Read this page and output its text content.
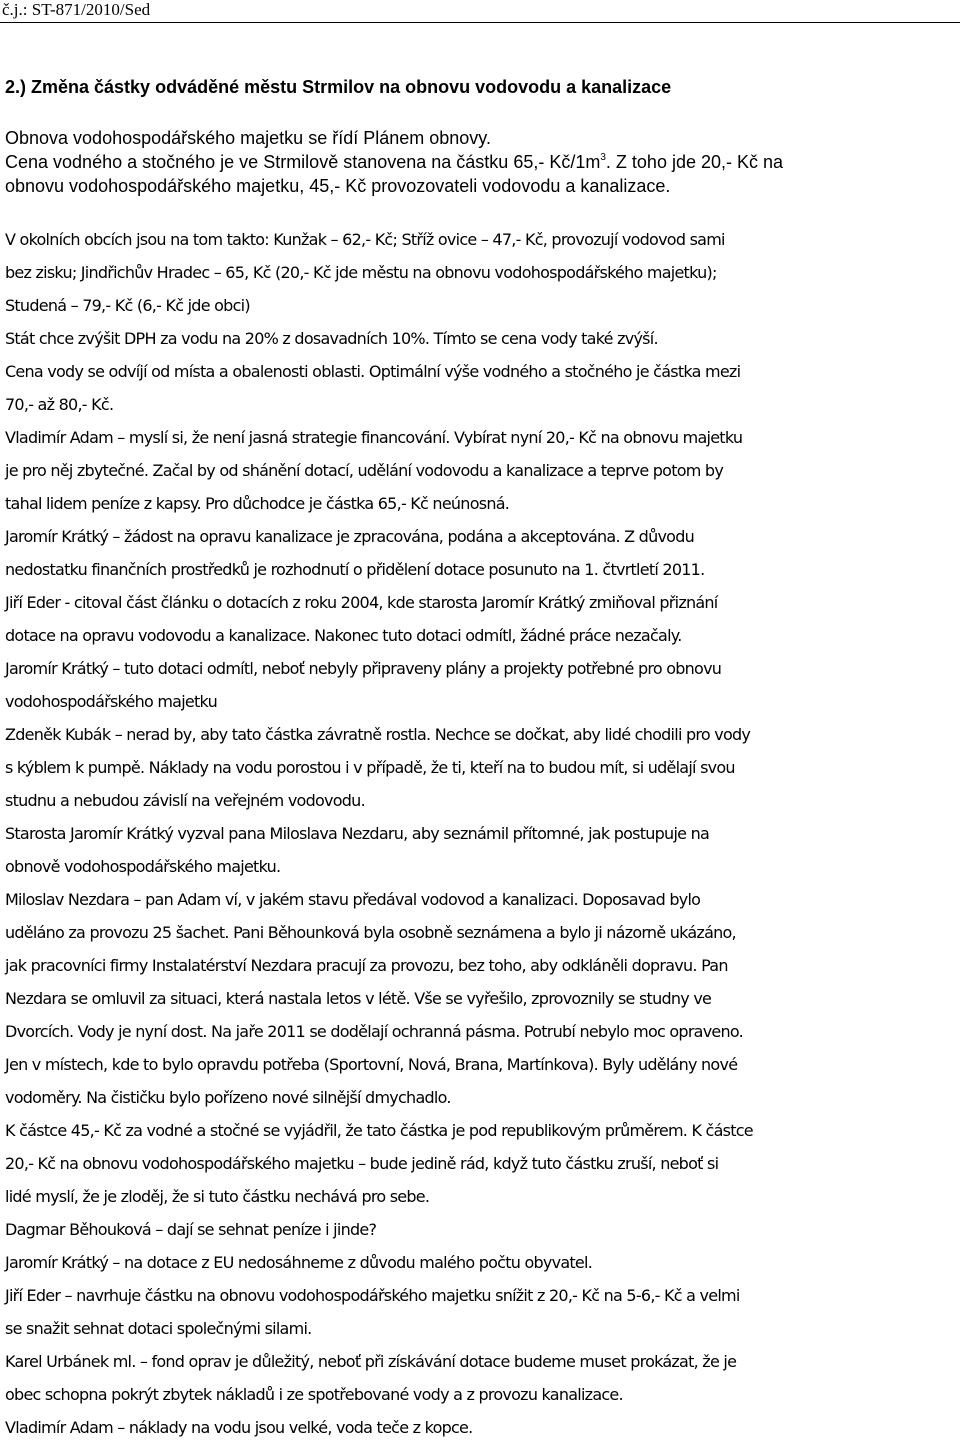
č.j.: ST-871/2010/Sed
2.) Změna částky odváděné městu Strmilov na obnovu vodovodu a kanalizace
Obnova vodohospodářského majetku se řídí Plánem obnovy.
Cena vodného a stočného je ve Strmilově stanovena na částku 65,- $Kč/1m^3$. Z toho jde 20,- Kč na
obnovu vodohospodářského majetku, 45,- Kč provozovateli vodovodu a kanalizace.
V okolních obcích jsou na tom takto: Kunžak – 62,- Kč; Stříž ovice – 47,- Kč, provozují vodovod sami
bez zisku; Jindřichův Hradec – 65, Kč (20,- Kč jde městu na obnovu vodohospodářského majetku);
Studená – 79,- Kč (6,- Kč jde obci)
Stát chce zvýšit DPH za vodu na 20% z dosavadních 10%. Tímto se cena vody také zvýší.
Cena vody se odvíjí od místa a obalenosti oblasti. Optimální výše vodného a stočného je částka mezi
70,- až 80,- Kč.
Vladimír Adam – myslí si, že není jasná strategie financování. Vybírat nyní 20,- Kč na obnovu majetku
je pro něj zbytečné. Začal by od shánění dotací, udělání vodovodu a kanalizace a teprve potom by
tahal lidem peníze z kapsy. Pro důchodce je částka 65,- Kč neúnosná.
Jaromír Krátký – žádost na opravu kanalizace je zpracována, podána a akceptována. Z důvodu
nedostatku finančních prostředků je rozhodnutí o přidělení dotace posunuto na 1. čtvrtletí 2011.
Jiří Eder - citoval část článku o dotacích z roku 2004, kde starosta Jaromír Krátký zmiňoval přiznání
dotace na opravu vodovodu a kanalizace. Nakonec tuto dotaci odmítl, žádné práce nezačaly.
Jaromír Krátký – tuto dotaci odmítl, neboť nebyly připraveny plány a projekty potřebné pro obnovu
vodohospodářského majetku
Zdeněk Kubák – nerad by, aby tato částka závratně rostla. Nechce se dočkat, aby lidé chodili pro vody
s kýblem k pumpě. Náklady na vodu porostou i v případě, že ti, kteří na to budou mít, si udělají svou
studnu a nebudou závislí na veřejném vodovodu.
Starosta Jaromír Krátký vyzval pana Miloslava Nezdaru, aby seznámil přítomné, jak postupuje na
obnově vodohospodářského majetku.
Miloslav Nezdara – pan Adam ví, v jakém stavu předával vodovod a kanalizaci. Doposavad bylo
uděláno za provozu 25 šachet. Pani Běhounková byla osobně seznámena a bylo ji názorně ukázáno,
jak pracovníci firmy Instalatérství Nezdara pracují za provozu, bez toho, aby odkláněli dopravu. Pan
Nezdara se omluvil za situaci, která nastala letos v létě. Vše se vyřešilo, zprovoznily se studny ve
Dvorcích. Vody je nyní dost. Na jaře 2011 se dodělají ochranná pásma. Potrubí nebylo moc opraveno.
Jen v místech, kde to bylo opravdu potřeba (Sportovní, Nová, Brana, Martínkova). Byly udělány nové
vodoměry. Na čističku bylo pořízeno nové silnější dmychadlo.
K částce 45,- Kč za vodné a stočné se vyjádřil, že tato částka je pod republikovým průměrem. K částce
20,- Kč na obnovu vodohospodářského majetku – bude jedině rád, když tuto částku zruší, neboť si
lidé myslí, že je zloděj, že si tuto částku nechává pro sebe.
Dagmar Běhouková – dají se sehnat peníze i jinde?
Jaromír Krátký – na dotace z EU nedosáhneme z důvodu malého počtu obyvatel.
Jiří Eder – navrhuje částku na obnovu vodohospodářského majetku snížit z 20,- Kč na 5-6,- Kč a velmi
se snažit sehnat dotaci společnými silami.
Karel Urbánek ml. – fond oprav je důležitý, neboť při získávání dotace budeme muset prokázat, že je
obec schopna pokrýt zbytek nákladů i ze spotřebované vody a z provozu kanalizace.
Vladimír Adam – náklady na vodu jsou velké, voda teče z kopce.
